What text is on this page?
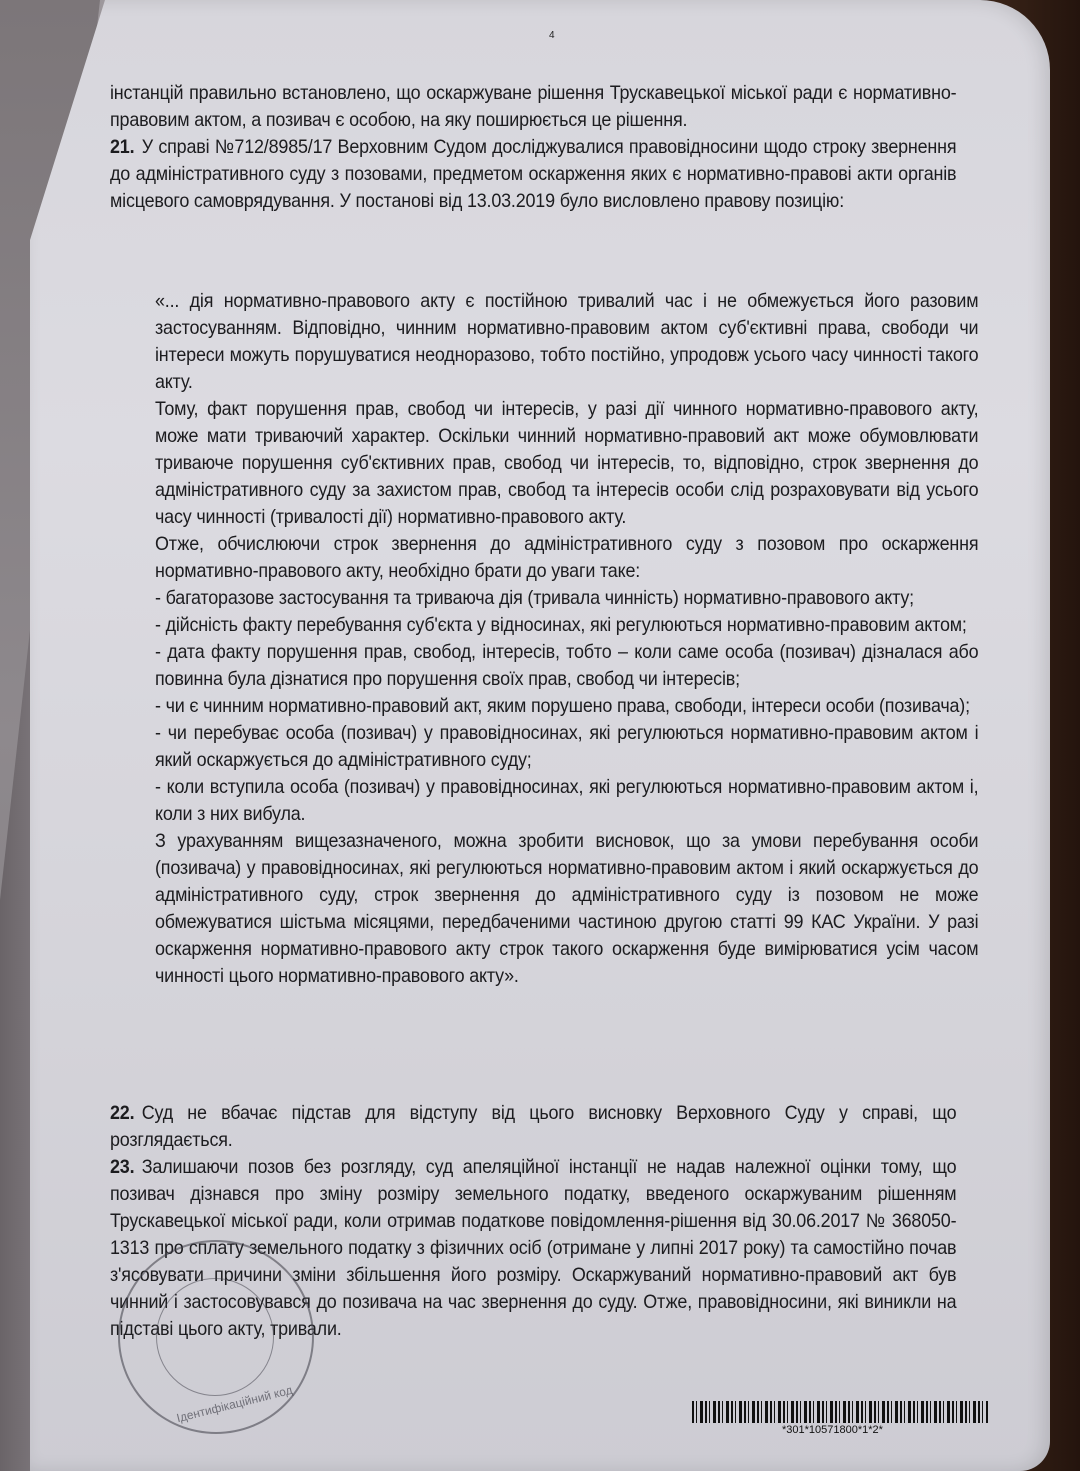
4

інстанцій правильно встановлено, що оскаржуване рішення Трускавецької міської ради є нормативно-правовим актом, а позивач є особою, на яку поширюється це рішення.

21. У справі №712/8985/17 Верховним Судом досліджувалися правовідносини щодо строку звернення до адміністративного суду з позовами, предметом оскарження яких є нормативно-правові акти органів місцевого самоврядування. У постанові від 13.03.2019 було висловлено правову позицію:

«... дія нормативно-правового акту є постійною тривалий час і не обмежується його разовим застосуванням. Відповідно, чинним нормативно-правовим актом суб'єктивні права, свободи чи інтереси можуть порушуватися неодноразово, тобто постійно, упродовж усього часу чинності такого акту.

Тому, факт порушення прав, свобод чи інтересів, у разі дії чинного нормативно-правового акту, може мати триваючий характер. Оскільки чинний нормативно-правовий акт може обумовлювати триваюче порушення суб'єктивних прав, свобод чи інтересів, то, відповідно, строк звернення до адміністративного суду за захистом прав, свобод та інтересів особи слід розраховувати від усього часу чинності (тривалості дії) нормативно-правового акту.

Отже, обчислюючи строк звернення до адміністративного суду з позовом про оскарження нормативно-правового акту, необхідно брати до уваги таке:

- багаторазове застосування та триваюча дія (тривала чинність) нормативно-правового акту;

- дійсність факту перебування суб'єкта у відносинах, які регулюються нормативно-правовим актом;

- дата факту порушення прав, свобод, інтересів, тобто – коли саме особа (позивач) дізналася або повинна була дізнатися про порушення своїх прав, свобод чи інтересів;

- чи є чинним нормативно-правовий акт, яким порушено права, свободи, інтереси особи (позивача);

- чи перебуває особа (позивач) у правовідносинах, які регулюються нормативно-правовим актом і який оскаржується до адміністративного суду;

- коли вступила особа (позивач) у правовідносинах, які регулюються нормативно-правовим актом і, коли з них вибула.

З урахуванням вищезазначеного, можна зробити висновок, що за умови перебування особи (позивача) у правовідносинах, які регулюються нормативно-правовим актом і який оскаржується до адміністративного суду, строк звернення до адміністративного суду із позовом не може обмежуватися шістьма місяцями, передбаченими частиною другою статті 99 КАС України. У разі оскарження нормативно-правового акту строк такого оскарження буде вимірюватися усім часом чинності цього нормативно-правового акту».

22. Суд не вбачає підстав для відступу від цього висновку Верховного Суду у справі, що розглядається.

23. Залишаючи позов без розгляду, суд апеляційної інстанції не надав належної оцінки тому, що позивач дізнався про зміну розміру земельного податку, введеного оскаржуваним рішенням Трускавецької міської ради, коли отримав податкове повідомлення-рішення від 30.06.2017 № 368050-1313 про сплату земельного податку з фізичних осіб (отримане у липні 2017 року) та самостійно почав з'ясовувати причини зміни збільшення його розміру. Оскаржуваний нормативно-правовий акт був чинний і застосовувався до позивача на час звернення до суду. Отже, правовідносини, які виникли на підставі цього акту, тривали.

Ідентифікаційний код
*301*10571800*1*2*
